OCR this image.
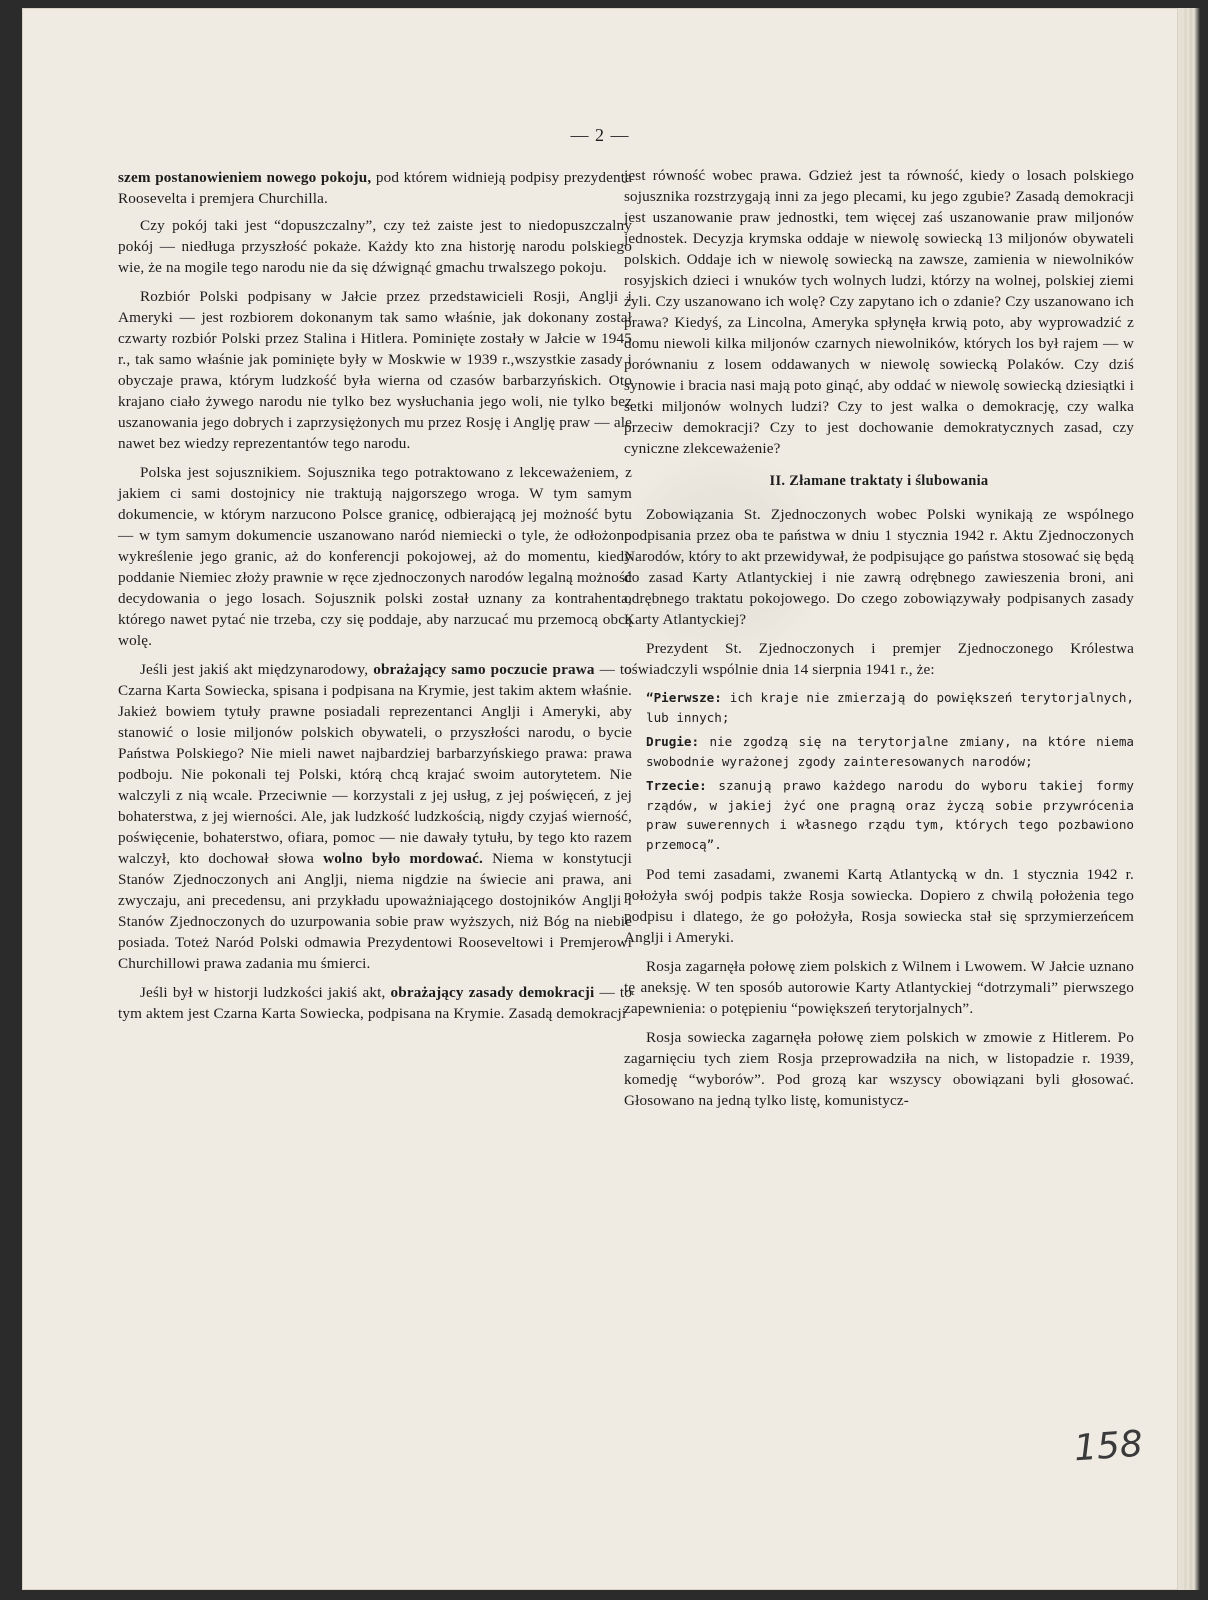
— 2 —

szem postanowieniem nowego pokoju, pod którem widnieją podpisy prezydenta Roosevelta i premjera Churchilla.

Czy pokój taki jest “dopuszczalny”, czy też zaiste jest to niedopuszczalny pokój — niedługa przyszłość pokaże. Każdy kto zna historję narodu polskiego wie, że na mogile tego narodu nie da się dźwignąć gmachu trwalszego pokoju.

Rozbiór Polski podpisany w Jałcie przez przedstawicieli Rosji, Anglji i Ameryki — jest rozbiorem dokonanym tak samo właśnie, jak dokonany został czwarty rozbiór Polski przez Stalina i Hitlera. Pominięte zostały w Jałcie w 1945 r., tak samo właśnie jak pominięte były w Moskwie w 1939 r.,wszystkie zasady i obyczaje prawa, którym ludzkość była wierna od czasów barbarzyńskich. Oto krajano ciało żywego narodu nie tylko bez wysłuchania jego woli, nie tylko bez uszanowania jego dobrych i zaprzysiężonych mu przez Rosję i Anglję praw — ale nawet bez wiedzy reprezentantów tego narodu.

Polska jest sojusznikiem. Sojusznika tego potraktowano z lekceważeniem, z jakiem ci sami dostojnicy nie traktują najgorszego wroga. W tym samym dokumencie, w którym narzucono Polsce granicę, odbierającą jej możność bytu — w tym samym dokumencie uszanowano naród niemiecki o tyle, że odłożono wykreślenie jego granic, aż do konferencji pokojowej, aż do momentu, kiedy poddanie Niemiec złoży prawnie w ręce zjednoczonych narodów legalną możność decydowania o jego losach. Sojusznik polski został uznany za kontrahenta, którego nawet pytać nie trzeba, czy się poddaje, aby narzucać mu przemocą obcą wolę.

Jeśli jest jakiś akt międzynarodowy, obrażający samo poczucie prawa — to Czarna Karta Sowiecka, spisana i podpisana na Krymie, jest takim aktem właśnie. Jakież bowiem tytuły prawne posiadali reprezentanci Anglji i Ameryki, aby stanowić o losie miljonów polskich obywateli, o przyszłości narodu, o bycie Państwa Polskiego? Nie mieli nawet najbardziej barbarzyńskiego prawa: prawa podboju. Nie pokonali tej Polski, którą chcą krajać swoim autorytetem. Nie walczyli z nią wcale. Przeciwnie — korzystali z jej usług, z jej poświęceń, z jej bohaterstwa, z jej wierności. Ale, jak ludzkość ludzkością, nigdy czyjaś wierność, poświęcenie, bohaterstwo, ofiara, pomoc — nie dawały tytułu, by tego kto razem walczył, kto dochował słowa wolno było mordować. Niema w konstytucji Stanów Zjednoczonych ani Anglji, niema nigdzie na świecie ani prawa, ani zwyczaju, ani precedensu, ani przykładu upoważniającego dostojników Anglji i Stanów Zjednoczonych do uzurpowania sobie praw wyższych, niż Bóg na niebie posiada. Toteż Naród Polski odmawia Prezydentowi Rooseveltowi i Premjerowi Churchillowi prawa zadania mu śmierci.

Jeśli był w historji ludzkości jakiś akt, obrażający zasady demokracji — to tym aktem jest Czarna Karta Sowiecka, podpisana na Krymie. Zasadą demokracji

jest równość wobec prawa. Gdzież jest ta równość, kiedy o losach polskiego sojusznika rozstrzygają inni za jego plecami, ku jego zgubie? Zasadą demokracji jest uszanowanie praw jednostki, tem więcej zaś uszanowanie praw miljonów jednostek. Decyzja krymska oddaje w niewolę sowiecką 13 miljonów obywateli polskich. Oddaje ich w niewolę sowiecką na zawsze, zamienia w niewolników rosyjskich dzieci i wnuków tych wolnych ludzi, którzy na wolnej, polskiej ziemi żyli. Czy uszanowano ich wolę? Czy zapytano ich o zdanie? Czy uszanowano ich prawa? Kiedyś, za Lincolna, Ameryka spłynęła krwią poto, aby wyprowadzić z domu niewoli kilka miljonów czarnych niewolników, których los był rajem — w porównaniu z losem oddawanych w niewolę sowiecką Polaków. Czy dziś synowie i bracia nasi mają poto ginąć, aby oddać w niewolę sowiecką dziesiątki i setki miljonów wolnych ludzi? Czy to jest walka o demokrację, czy walka przeciw demokracji? Czy to jest dochowanie demokratycznych zasad, czy cyniczne zlekceważenie?

II. Złamane traktaty i ślubowania

Zobowiązania St. Zjednoczonych wobec Polski wynikają ze wspólnego podpisania przez oba te państwa w dniu 1 stycznia 1942 r. Aktu Zjednoczonych Narodów, który to akt przewidywał, że podpisujące go państwa stosować się będą do zasad Karty Atlantyckiej i nie zawrą odrębnego zawieszenia broni, ani odrębnego traktatu pokojowego. Do czego zobowiązywały podpisanych zasady Karty Atlantyckiej?

Prezydent St. Zjednoczonych i premjer Zjednoczonego Królestwa oświadczyli wspólnie dnia 14 sierpnia 1941 r., że:

“Pierwsze: ich kraje nie zmierzają do powiększeń terytorjalnych, lub innych;

Drugie: nie zgodzą się na terytorjalne zmiany, na które niema swobodnie wyrażonej zgody zainteresowanych narodów;

Trzecie: szanują prawo każdego narodu do wyboru takiej formy rządów, w jakiej żyć one pragną oraz życzą sobie przywrócenia praw suwerennych i własnego rządu tym, których tego pozbawiono przemocą”.

Pod temi zasadami, zwanemi Kartą Atlantycką w dn. 1 stycznia 1942 r. położyła swój podpis także Rosja sowiecka. Dopiero z chwilą położenia tego podpisu i dlatego, że go położyła, Rosja sowiecka stał się sprzymierzeńcem Anglji i Ameryki.

Rosja zagarnęła połowę ziem polskich z Wilnem i Lwowem. W Jałcie uznano tę aneksję. W ten sposób autorowie Karty Atlantyckiej “dotrzymali” pierwszego zapewnienia: o potępieniu “powiększeń terytorjalnych”.

Rosja sowiecka zagarnęła połowę ziem polskich w zmowie z Hitlerem. Po zagarnięciu tych ziem Rosja przeprowadziła na nich, w listopadzie r. 1939, komedję “wyborów”. Pod grozą kar wszyscy obowiązani byli głosować. Głosowano na jedną tylko listę, komunistycz-

158
